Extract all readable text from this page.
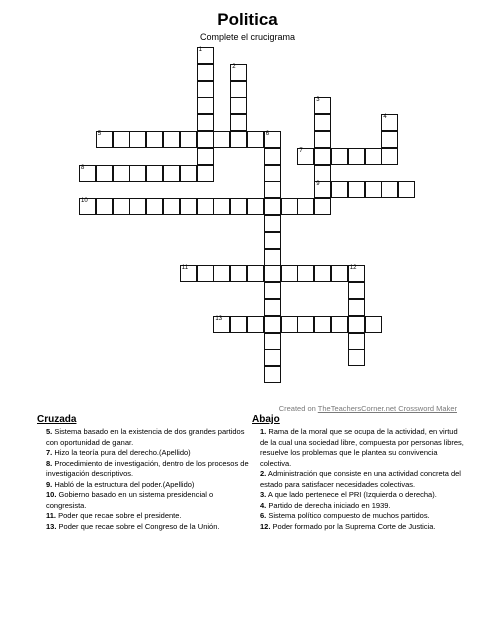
Politica
Complete el crucigrama
1
2
3
4
5	6
7
8
9
10
11	12
13
Created on TheTeachersCorner.net Crossword Maker
Cruzada
5. Sistema basado en la existencia de dos grandes partidos con oportunidad de ganar.
7. Hizo la teoría pura del derecho.(Apellido)
8. Procedimiento de investigación, dentro de los procesos de investigación descriptivos.
9. Habló de la estructura del poder.(Apellido)
10. Gobierno basado en un sistema presidencial o congresista.
11. Poder que recae sobre el presidente.
13. Poder que recae sobre el Congreso de la Unión.
Abajo
1. Rama de la moral que se ocupa de la actividad, en virtud de la cual una sociedad libre, compuesta por personas libres, resuelve los problemas que le plantea su convivencia colectiva.
2. Administración que consiste en una actividad concreta del estado para satisfacer necesidades colectivas.
3. A que lado pertenece el PRI (Izquierda o derecha).
4. Partido de derecha iniciado en 1939.
6. Sistema político compuesto de muchos partidos.
12. Poder formado por la Suprema Corte de Justicia.
